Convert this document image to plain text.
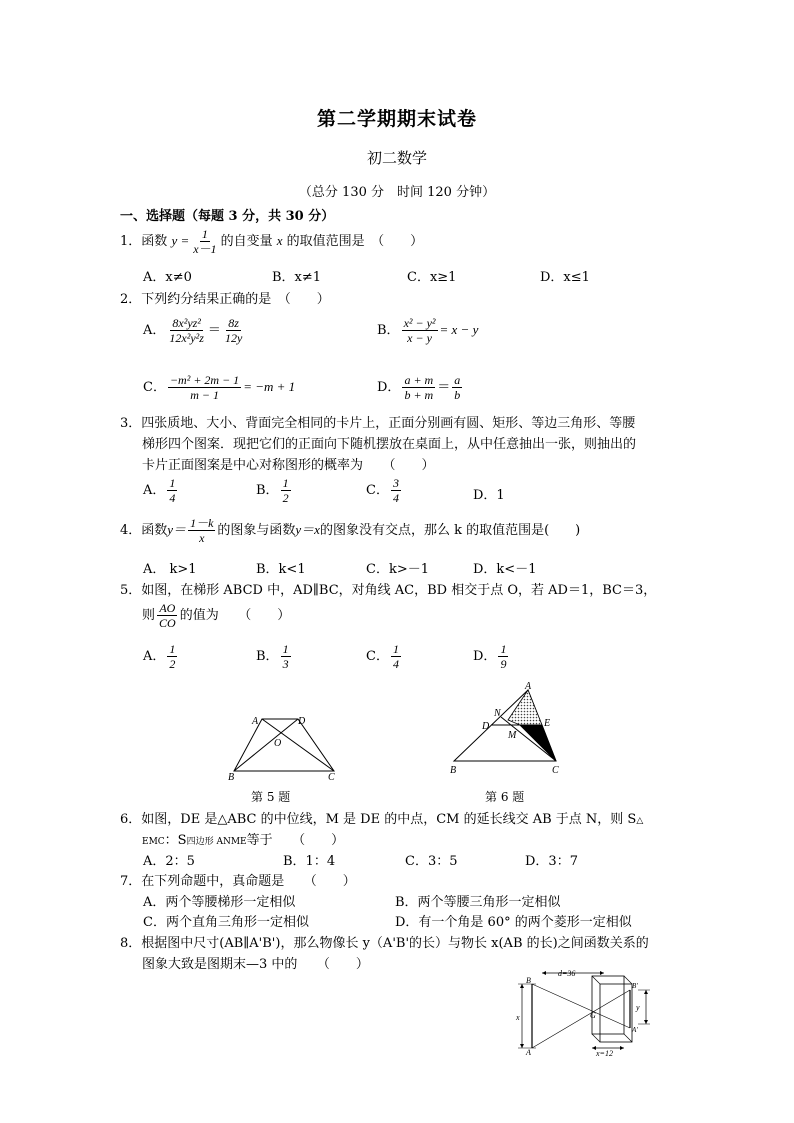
第二学期期末试卷
初二数学
（总分 130 分　时间 120 分钟）
一、选择题（每题 3 分，共 30 分）
1．函数 $y = \frac{1}{x-1}$ 的自变量 x 的取值范围是　（　　）
A．x≠0	B．x≠1	C．x≥1	D．x≤1
2．下列约分结果正确的是　（　　）
A． $\frac{\text{8x²yz²}}{\text{12x²y²z}} = \frac{8z}{12y}$	B． $\frac{\text{x² − y²}}{x - y} = x - y$
C． $\frac{\text{−m² + 2m − 1}}{m - 1} = -m + 1$	D． $\frac{a + m}{b + m} = \frac{a}{b}$
3．四张质地、大小、背面完全相同的卡片上，正面分别画有圆、矩形、等边三角形、等腰
梯形四个图案．现把它们的正面向下随机摆放在桌面上，从中任意抽出一张，则抽出的
卡片正面图案是中心对称图形的概率为　　（　　）
A． $\frac{1}{4}$	B． $\frac{1}{2}$	C． $\frac{3}{4}$	D．1
4．函数$y= \frac{1-k}{x}$ 的图象与函数y＝x的图象没有交点，那么 k 的取值范围是(　　)
A． k>1	B．k<1	C．k>－1	D．k<－1
5．如图，在梯形 ABCD 中，AD∥BC，对角线 AC，BD 相交于点 O，若 AD＝1，BC＝3，
则 $\frac{AO}{CO}$ 的值为　　（　　）
A． $\frac{1}{2}$	B． $\frac{1}{3}$	C． $\frac{1}{4}$	D． $\frac{1}{9}$
A	D
O
B	C
第 5 题
A
N
D
M
E
B	C
第 6 题
6．如图，DE 是△ABC 的中位线，M 是 DE 的中点，CM 的延长线交 AB 于点 N，则 S△
EMC：S四边形 ANME等于　　（　　）
A．2：5	B．1：4	C．3：5	D．3：7
7．在下列命题中，真命题是　　（　　）
A．两个等腰梯形一定相似	B．两个等腰三角形一定相似
C．两个直角三角形一定相似	D．有一个角是 60° 的两个菱形一定相似
8．根据图中尺寸(AB∥A'B')，那么物像长 y（A'B'的长）与物长 x(AB 的长)之间函数关系的
图象大致是图期末—3 中的　　（　　）
d=36
x
B
A
B'
G
A'
y
x=12
